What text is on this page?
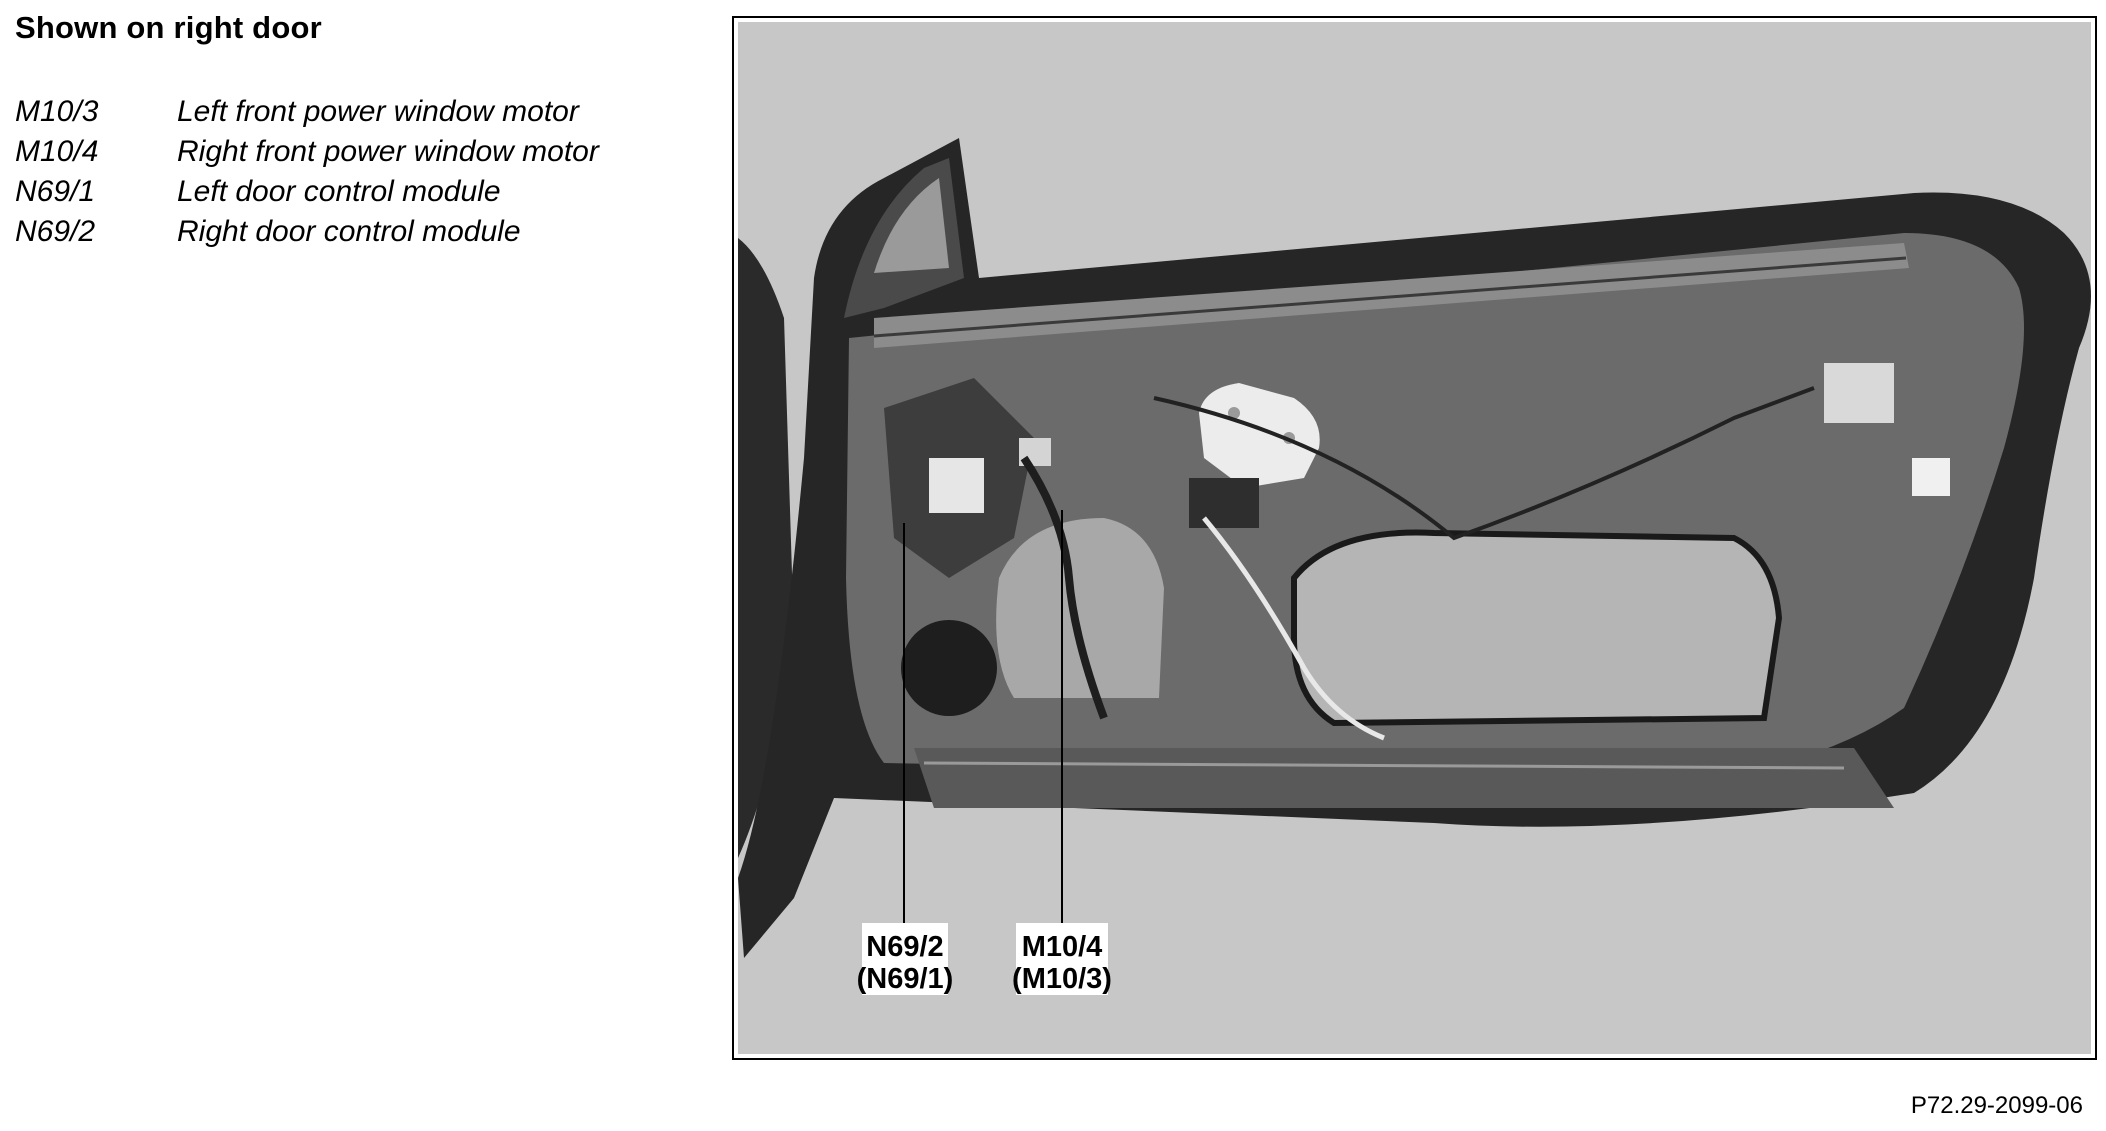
Shown on right door
M10/3	Left front power window motor
M10/4	Right front power window motor
N69/1	Left door control module
N69/2	Right door control module
N69/2
(N69/1)
M10/4
(M10/3)
P72.29-2099-06
